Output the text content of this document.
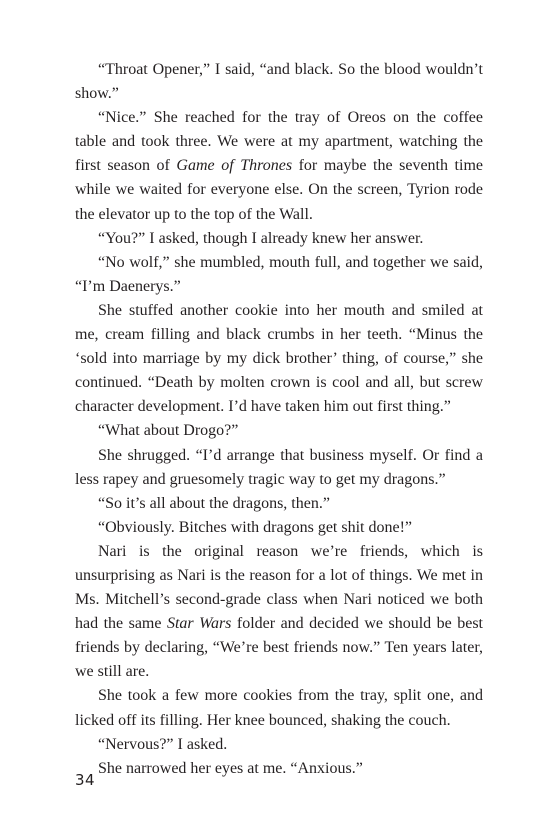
“Throat Opener,” I said, “and black. So the blood wouldn’t show.”

“Nice.” She reached for the tray of Oreos on the coffee table and took three. We were at my apartment, watching the first season of Game of Thrones for maybe the seventh time while we waited for everyone else. On the screen, Tyrion rode the elevator up to the top of the Wall.

“You?” I asked, though I already knew her answer.

“No wolf,” she mumbled, mouth full, and together we said, “I’m Daenerys.”

She stuffed another cookie into her mouth and smiled at me, cream filling and black crumbs in her teeth. “Minus the ‘sold into marriage by my dick brother’ thing, of course,” she continued. “Death by molten crown is cool and all, but screw character development. I’d have taken him out first thing.”

“What about Drogo?”

She shrugged. “I’d arrange that business myself. Or find a less rapey and gruesomely tragic way to get my dragons.”

“So it’s all about the dragons, then.”

“Obviously. Bitches with dragons get shit done!”

Nari is the original reason we’re friends, which is unsurprising as Nari is the reason for a lot of things. We met in Ms. Mitchell’s second-grade class when Nari noticed we both had the same Star Wars folder and decided we should be best friends by declaring, “We’re best friends now.” Ten years later, we still are.

She took a few more cookies from the tray, split one, and licked off its filling. Her knee bounced, shaking the couch.

“Nervous?” I asked.

She narrowed her eyes at me. “Anxious.”

34
